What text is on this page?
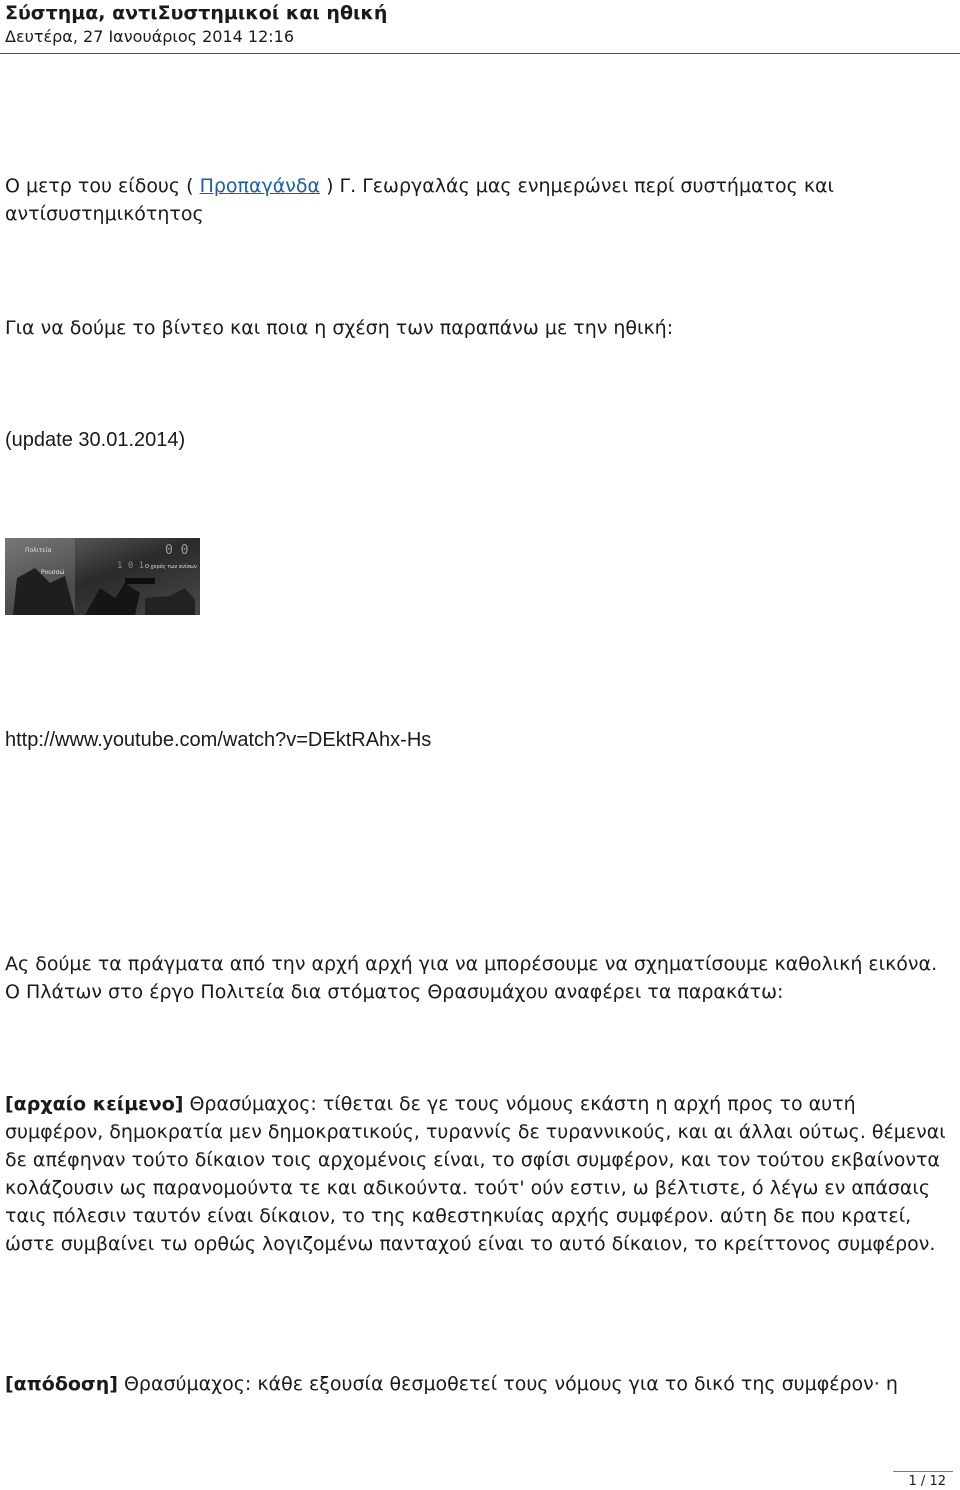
Σύστημα, αντιΣυστημικοί και ηθική
Δευτέρα, 27 Ιανουάριος 2014 12:16

Ο μετρ του είδους ( Προπαγάνδα ) Γ. Γεωργαλάς μας ενημερώνει περί συστήματος και αντίσυστημικότητος

Για να δούμε το βίντεο και ποια η σχέση των παραπάνω με την ηθική:

(update 30.01.2014)

0 0
1 0 1
Πολιτεία
Ρουσσώ
Ο χορός των ανίσων

http://www.youtube.com/watch?v=DEktRAhx-Hs

Ας δούμε τα πράγματα από την αρχή αρχή για να μπορέσουμε να σχηματίσουμε καθολική εικόνα. Ο Πλάτων στο έργο Πολιτεία δια στόματος Θρασυμάχου αναφέρει τα παρακάτω:

[αρχαίο κείμενο] Θρασύμαχος: τίθεται δε γε τους νόμους εκάστη η αρχή προς το αυτή συμφέρον, δημοκρατία μεν δημοκρατικούς, τυραννίς δε τυραννικούς, και αι άλλαι ούτως. θέμεναι δε απέφηναν τούτο δίκαιον τοις αρχομένοις είναι, το σφίσι συμφέρον, και τον τούτου εκβαίνοντα κολάζουσιν ως παρανομούντα τε και αδικούντα. τούτ' ούν εστιν, ω βέλτιστε, ό λέγω εν απάσαις ταις πόλεσιν ταυτόν είναι δίκαιον, το της καθεστηκυίας αρχής συμφέρον. αύτη δε που κρατεί, ώστε συμβαίνει τω ορθώς λογιζομένω πανταχού είναι το αυτό δίκαιον, το κρείττονος συμφέρον.

[απόδοση] Θρασύμαχος: κάθε εξουσία θεσμοθετεί τους νόμους για το δικό της συμφέρον· η

1 / 12
